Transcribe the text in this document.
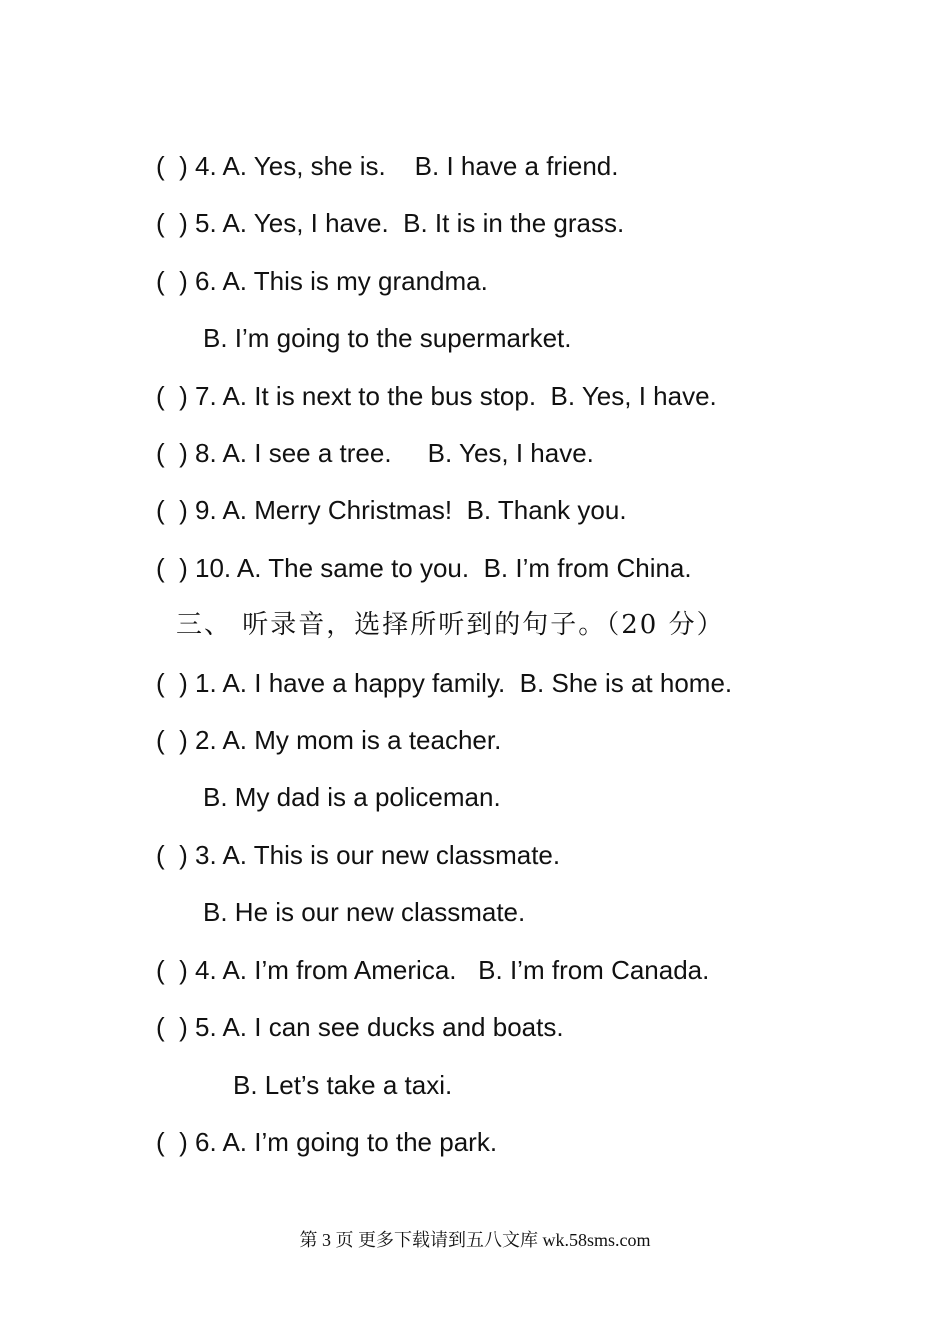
(  ) 4. A. Yes, she is.    B. I have a friend.
(  ) 5. A. Yes, I have.  B. It is in the grass.
(  ) 6. A. This is my grandma.
B. I’m going to the supermarket.
(  ) 7. A. It is next to the bus stop.  B. Yes, I have.
(  ) 8. A. I see a tree.     B. Yes, I have.
(  ) 9. A. Merry Christmas!  B. Thank you.
(  ) 10. A. The same to you.  B. I’m from China.
三、 听录音，选择所听到的句子。（20 分）
(  ) 1. A. I have a happy family.  B. She is at home.
(  ) 2. A. My mom is a teacher.
B. My dad is a policeman.
(  ) 3. A. This is our new classmate.
B. He is our new classmate.
(  ) 4. A. I’m from America.   B. I’m from Canada.
(  ) 5. A. I can see ducks and boats.
B. Let’s take a taxi.
(  ) 6. A. I’m going to the park.
第 3 页 更多下载请到五八文库 wk.58sms.com
